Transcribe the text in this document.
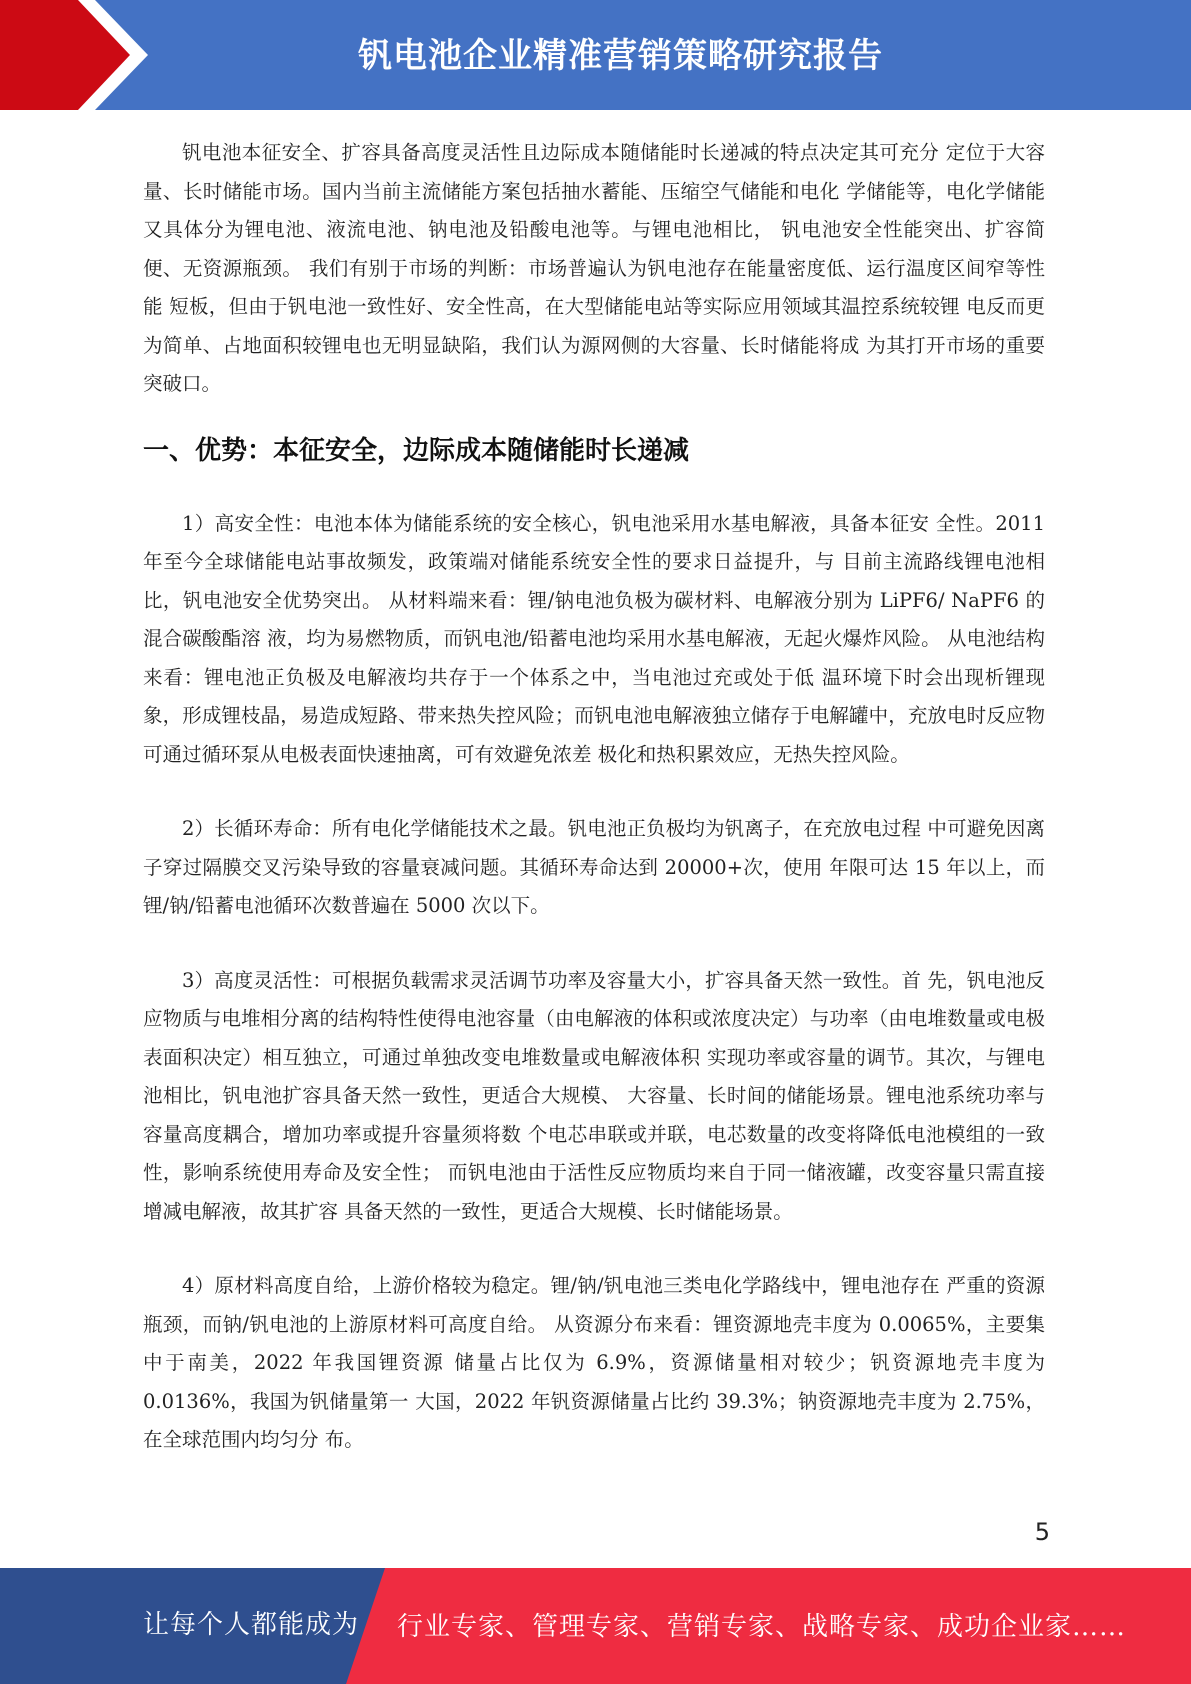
钒电池企业精准营销策略研究报告

钒电池本征安全、扩容具备高度灵活性且边际成本随储能时长递减的特点决定其可充分 定位于大容量、长时储能市场。国内当前主流储能方案包括抽水蓄能、压缩空气储能和电化 学储能等，电化学储能又具体分为锂电池、液流电池、钠电池及铅酸电池等。与锂电池相比， 钒电池安全性能突出、扩容简便、无资源瓶颈。 我们有别于市场的判断：市场普遍认为钒电池存在能量密度低、运行温度区间窄等性能 短板，但由于钒电池一致性好、安全性高，在大型储能电站等实际应用领域其温控系统较锂 电反而更为简单、占地面积较锂电也无明显缺陷，我们认为源网侧的大容量、长时储能将成 为其打开市场的重要突破口。

一、优势：本征安全，边际成本随储能时长递减

1）高安全性：电池本体为储能系统的安全核心，钒电池采用水基电解液，具备本征安 全性。2011 年至今全球储能电站事故频发，政策端对储能系统安全性的要求日益提升，与 目前主流路线锂电池相比，钒电池安全优势突出。 从材料端来看：锂/钠电池负极为碳材料、电解液分别为 LiPF6/ NaPF6 的混合碳酸酯溶 液，均为易燃物质，而钒电池/铅蓄电池均采用水基电解液，无起火爆炸风险。 从电池结构来看：锂电池正负极及电解液均共存于一个体系之中，当电池过充或处于低 温环境下时会出现析锂现象，形成锂枝晶，易造成短路、带来热失控风险；而钒电池电解液独立储存于电解罐中，充放电时反应物可通过循环泵从电极表面快速抽离，可有效避免浓差 极化和热积累效应，无热失控风险。

2）长循环寿命：所有电化学储能技术之最。钒电池正负极均为钒离子，在充放电过程 中可避免因离子穿过隔膜交叉污染导致的容量衰减问题。其循环寿命达到 20000+次，使用 年限可达 15 年以上，而锂/钠/铅蓄电池循环次数普遍在 5000 次以下。

3）高度灵活性：可根据负载需求灵活调节功率及容量大小，扩容具备天然一致性。首 先，钒电池反应物质与电堆相分离的结构特性使得电池容量（由电解液的体积或浓度决定）与功率（由电堆数量或电极表面积决定）相互独立，可通过单独改变电堆数量或电解液体积 实现功率或容量的调节。其次，与锂电池相比，钒电池扩容具备天然一致性，更适合大规模、 大容量、长时间的储能场景。锂电池系统功率与容量高度耦合，增加功率或提升容量须将数 个电芯串联或并联，电芯数量的改变将降低电池模组的一致性，影响系统使用寿命及安全性； 而钒电池由于活性反应物质均来自于同一储液罐，改变容量只需直接增减电解液，故其扩容 具备天然的一致性，更适合大规模、长时储能场景。

4）原材料高度自给，上游价格较为稳定。锂/钠/钒电池三类电化学路线中，锂电池存在 严重的资源瓶颈，而钠/钒电池的上游原材料可高度自给。 从资源分布来看：锂资源地壳丰度为 0.0065%，主要集中于南美，2022 年我国锂资源 储量占比仅为 6.9%，资源储量相对较少；钒资源地壳丰度为 0.0136%，我国为钒储量第一 大国，2022 年钒资源储量占比约 39.3%；钠资源地壳丰度为 2.75%，在全球范围内均匀分 布。

5
让每个人都能成为 行业专家、管理专家、营销专家、战略专家、成功企业家……
